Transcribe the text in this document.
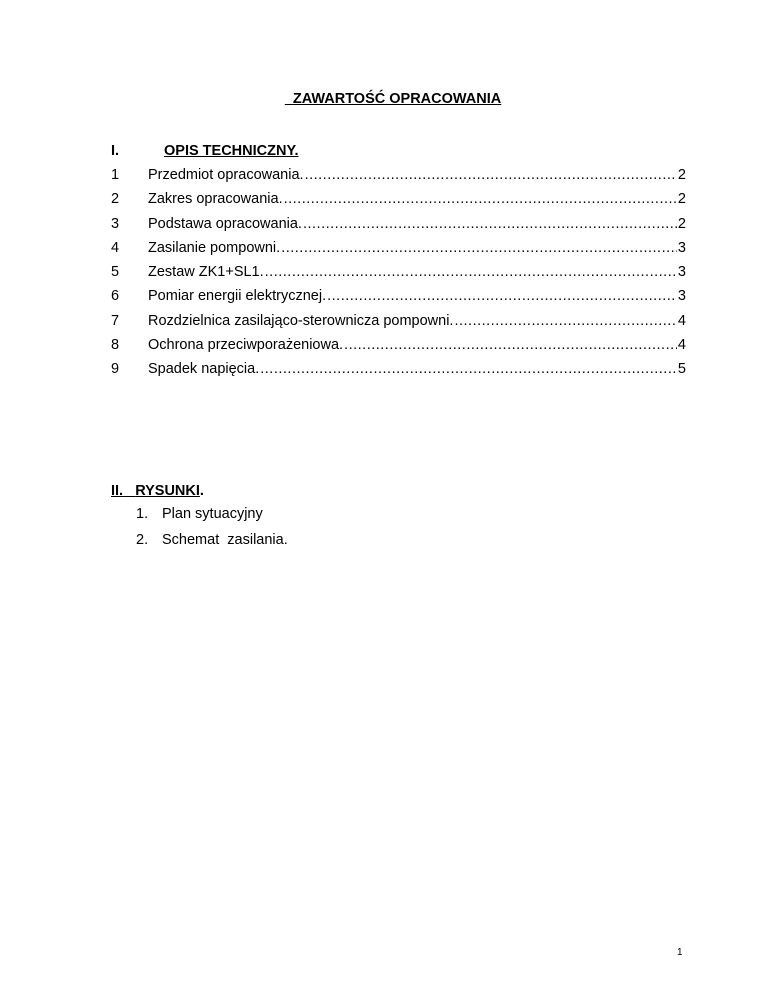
ZAWARTOŚĆ OPRACOWANIA
I.	OPIS TECHNICZNY.
1	Przedmiot opracowania. .....	2
2	Zakres opracowania. .....	2
3	Podstawa opracowania. .....	2
4	Zasilanie pompowni. .....	3
5	Zestaw ZK1+SL1. .....	3
6	Pomiar energii elektrycznej. .....	3
7	Rozdzielnica zasilająco-sterownicza pompowni. .....	4
8	Ochrona przeciwporażeniowa. .....	4
9	Spadek napięcia. .....	5
II.
RYSUNKI .
1. Plan sytuacyjny
2. Schemat  zasilania.
1
